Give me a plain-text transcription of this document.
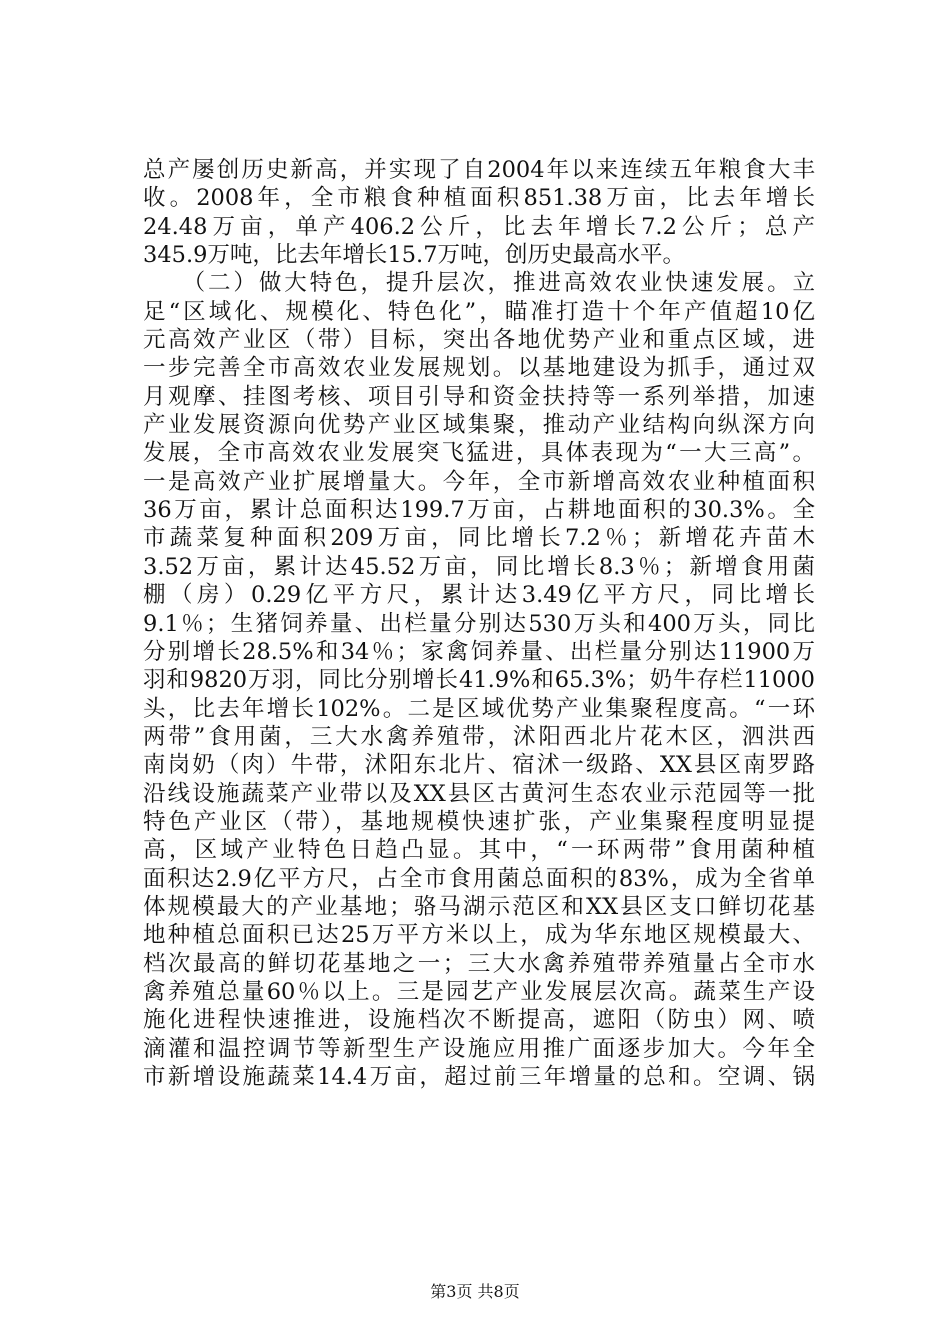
总产屡创历史新高，并实现了自2004年以来连续五年粮食大丰
收。2008年，全市粮食种植面积851.38万亩，比去年增长
24.48万亩，单产406.2公斤，比去年增长7.2公斤；总产
345.9万吨，比去年增长15.7万吨，创历史最高水平。
　　（二）做大特色，提升层次，推进高效农业快速发展。立
足“区域化、规模化、特色化”，瞄准打造十个年产值超10亿
元高效产业区（带）目标，突出各地优势产业和重点区域，进
一步完善全市高效农业发展规划。以基地建设为抓手，通过双
月观摩、挂图考核、项目引导和资金扶持等一系列举措，加速
产业发展资源向优势产业区域集聚，推动产业结构向纵深方向
发展，全市高效农业发展突飞猛进，具体表现为“一大三高”。
一是高效产业扩展增量大。今年，全市新增高效农业种植面积
36万亩，累计总面积达199.7万亩，占耕地面积的30.3%。全
市蔬菜复种面积209万亩，同比增长7.2％；新增花卉苗木
3.52万亩，累计达45.52万亩，同比增长8.3％；新增食用菌
棚（房）0.29亿平方尺，累计达3.49亿平方尺，同比增长
9.1％；生猪饲养量、出栏量分别达530万头和400万头，同比
分别增长28.5%和34％；家禽饲养量、出栏量分别达11900万
羽和9820万羽，同比分别增长41.9%和65.3%；奶牛存栏11000
头，比去年增长102%。二是区域优势产业集聚程度高。“一环
两带”食用菌，三大水禽养殖带，沭阳西北片花木区，泗洪西
南岗奶（肉）牛带，沭阳东北片、宿沭一级路、XX县区南罗路
沿线设施蔬菜产业带以及XX县区古黄河生态农业示范园等一批
特色产业区（带），基地规模快速扩张，产业集聚程度明显提
高，区域产业特色日趋凸显。其中，“一环两带”食用菌种植
面积达2.9亿平方尺，占全市食用菌总面积的83%，成为全省单
体规模最大的产业基地；骆马湖示范区和XX县区支口鲜切花基
地种植总面积已达25万平方米以上，成为华东地区规模最大、
档次最高的鲜切花基地之一；三大水禽养殖带养殖量占全市水
禽养殖总量60％以上。三是园艺产业发展层次高。蔬菜生产设
施化进程快速推进，设施档次不断提高，遮阳（防虫）网、喷
滴灌和温控调节等新型生产设施应用推广面逐步加大。今年全
市新增设施蔬菜14.4万亩，超过前三年增量的总和。空调、锅
第3页 共8页
